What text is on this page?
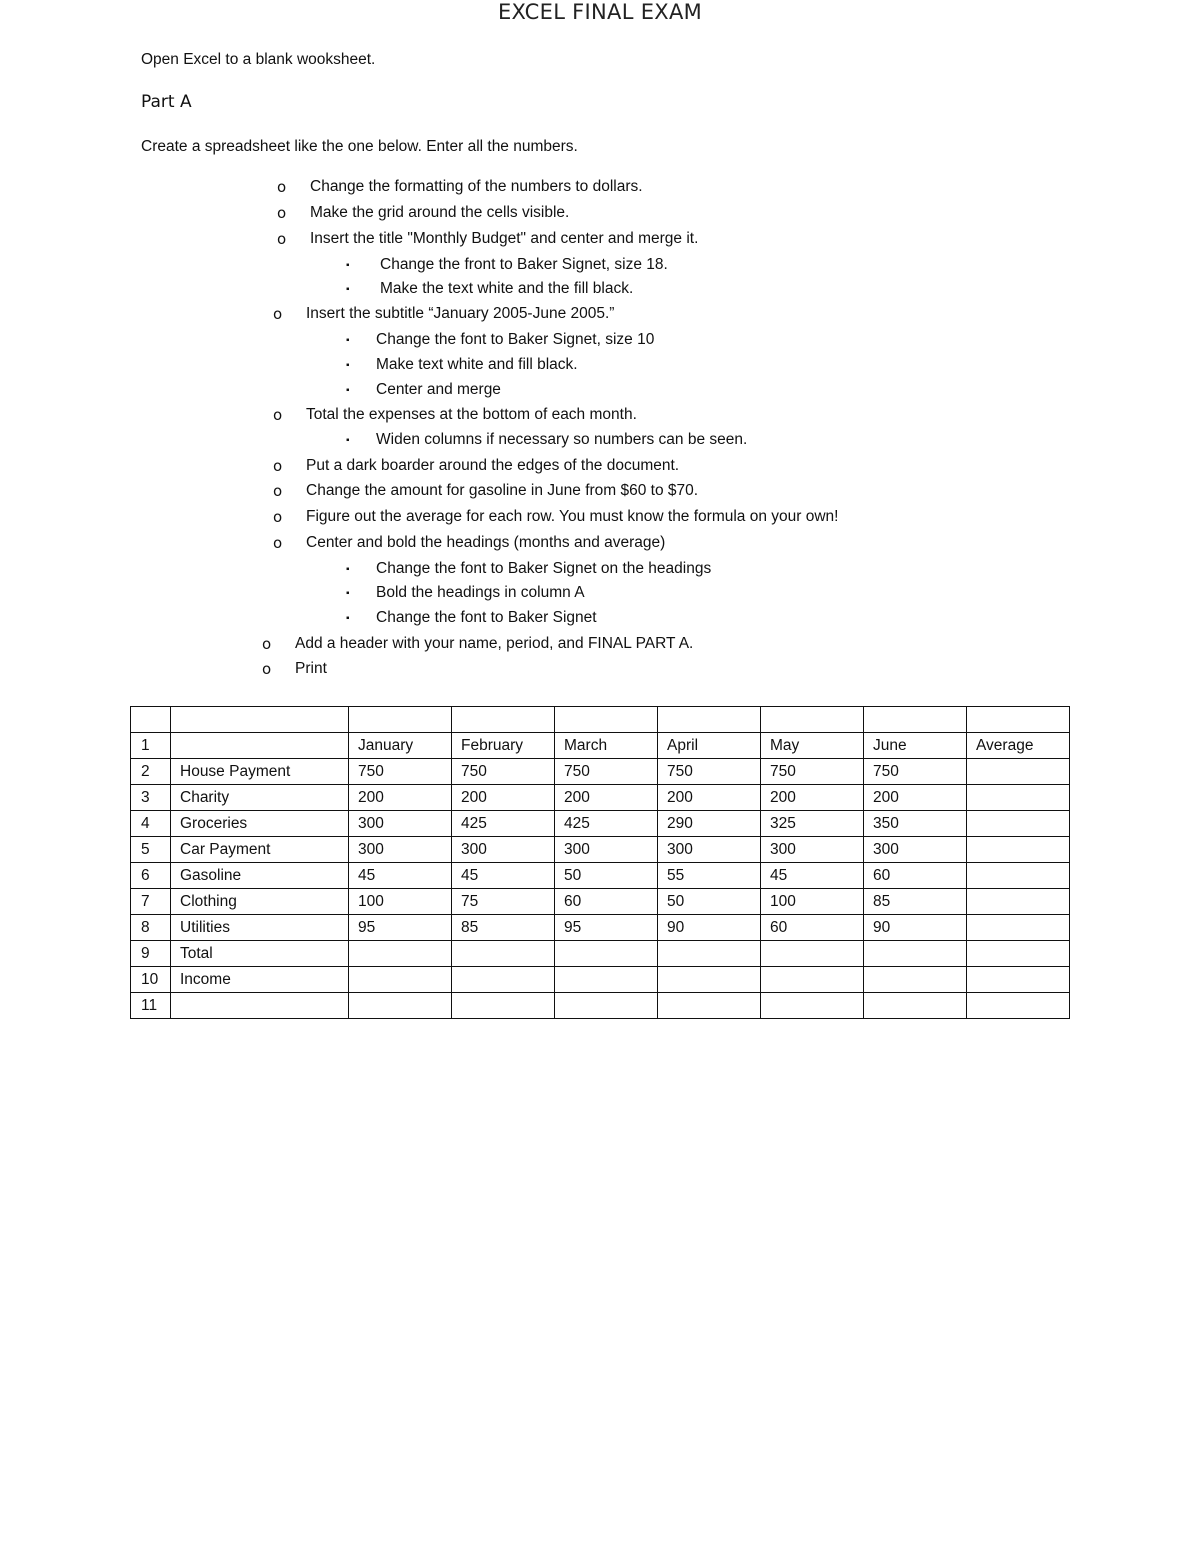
EXCEL FINAL EXAM
Open Excel to a blank wooksheet.
Part A
Create a spreadsheet like the one below. Enter all the numbers.
o Change the formatting of the numbers to dollars.
o Make the grid around the cells visible.
o Insert the title "Monthly Budget" and center and merge it.
▪ Change the front to Baker Signet, size 18.
▪ Make the text white and the fill black.
o Insert the subtitle “January 2005-June 2005.”
▪ Change the font to Baker Signet, size 10
▪ Make text white and fill black.
▪ Center and merge
o Total the expenses at the bottom of each month.
▪ Widen columns if necessary so numbers can be seen.
o Put a dark boarder around the edges of the document.
o Change the amount for gasoline in June from $60 to $70.
o Figure out the average for each row. You must know the formula on your own!
o Center and bold the headings (months and average)
▪ Change the font to Baker Signet on the headings
▪ Bold the headings in column A
▪ Change the font to Baker Signet
o Add a header with your name, period, and FINAL PART A.
o Print

1		January	February	March	April	May	June	Average
2	House Payment	750	750	750	750	750	750	
3	Charity	200	200	200	200	200	200	
4	Groceries	300	425	425	290	325	350	
5	Car Payment	300	300	300	300	300	300	
6	Gasoline	45	45	50	55	45	60	
7	Clothing	100	75	60	50	100	85	
8	Utilities	95	85	95	90	60	90	
9	Total							
10	Income							
11								
